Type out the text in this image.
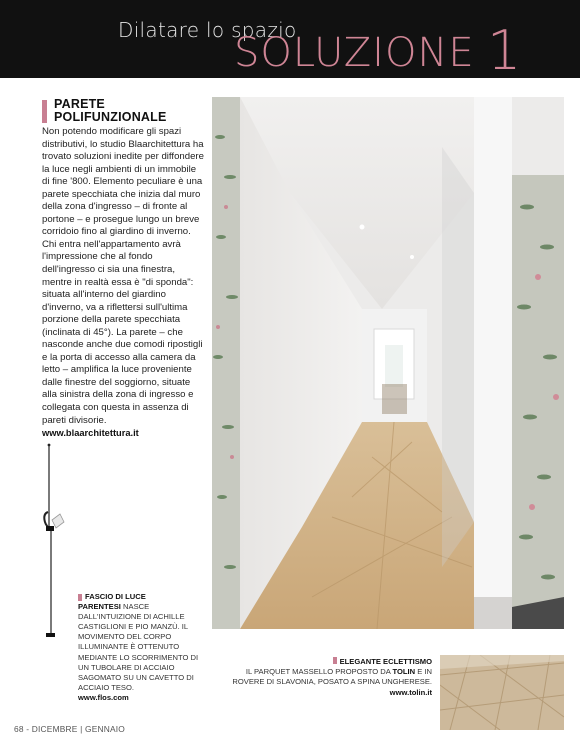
Dilatare lo spazio
SOLUZIONE 1
PARETE
POLIFUNZIONALE
Non potendo modificare gli spazi distributivi, lo studio Blaarchitettura ha trovato soluzioni inedite per diffondere la luce negli ambienti di un immobile di fine '800. Elemento peculiare è una parete specchiata che inizia dal muro della zona d'ingresso – di fronte al portone – e prosegue lungo un breve corridoio fino al giardino di inverno. Chi entra nell'appartamento avrà l'impressione che al fondo dell'ingresso ci sia una finestra, mentre in realtà essa è "di sponda": situata all'interno del giardino d'inverno, va a riflettersi sull'ultima porzione della parete specchiata (inclinata di 45°). La parete – che nasconde anche due comodi ripostigli e la porta di accesso alla camera da letto – amplifica la luce proveniente dalle finestre del soggiorno, situate alla sinistra della zona di ingresso e collegata con questa in assenza di pareti divisorie.
www.blaarchitettura.it
FASCIO DI LUCE
PARENTESI NASCE
DALL'INTUIZIONE DI ACHILLE CASTIGLIONI E PIO MANZÙ. IL MOVIMENTO DEL CORPO ILLUMINANTE È OTTENUTO MEDIANTE LO SCORRIMENTO DI UN TUBOLARE DI ACCIAIO SAGOMATO SU UN CAVETTO DI ACCIAIO TESO.
www.flos.com
ELEGANTE ECLETTISMO
IL PARQUET MASSELLO PROPOSTO DA TOLIN E IN ROVERE DI SLAVONIA, POSATO A SPINA UNGHERESE.
www.tolin.it
68 - DICEMBRE | GENNAIO
